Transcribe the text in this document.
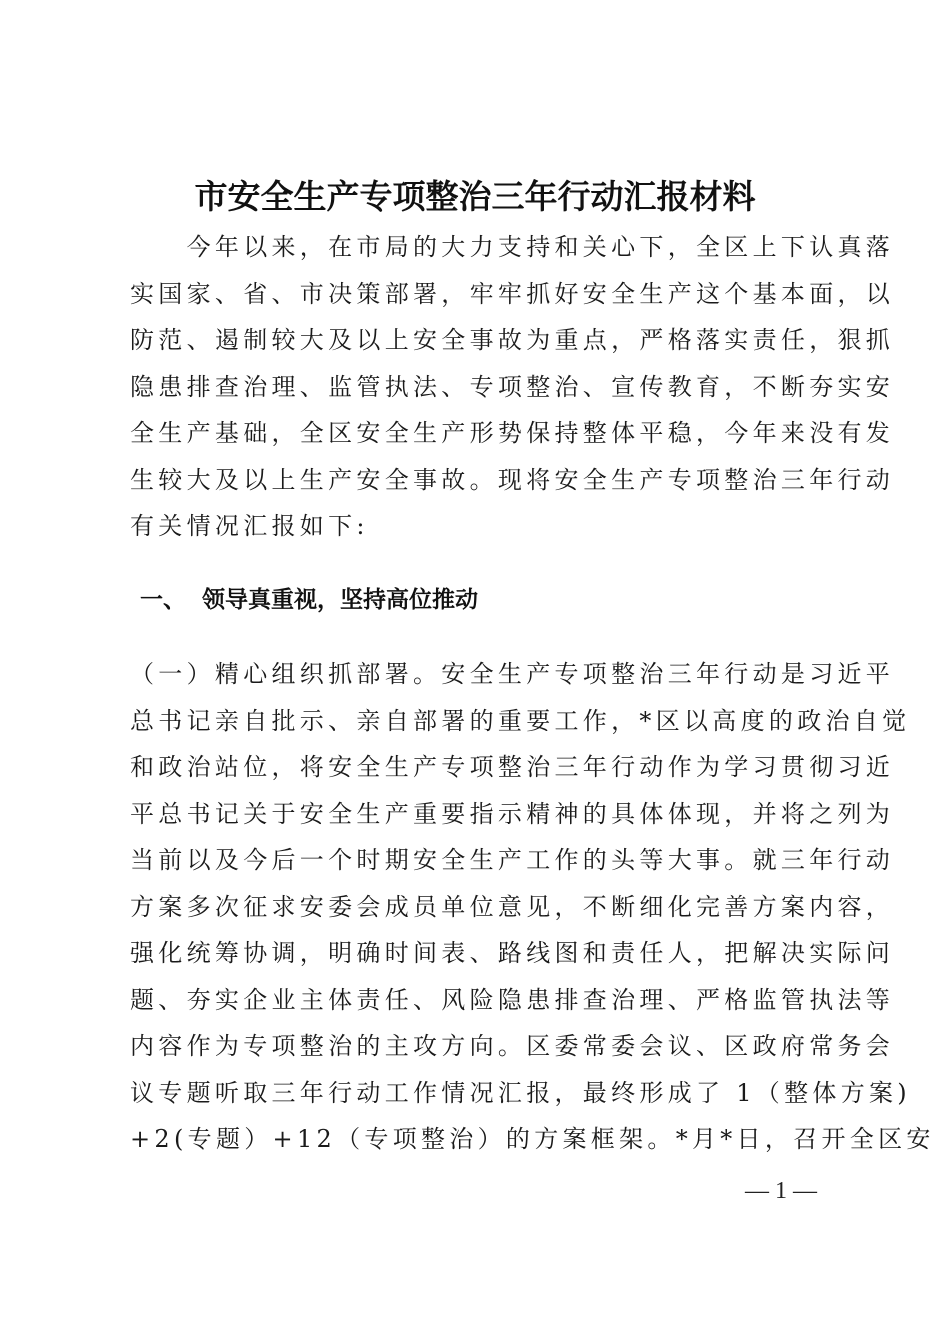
市安全生产专项整治三年行动汇报材料
　　今年以来，在市局的大力支持和关心下，全区上下认真落
实国家、省、市决策部署，牢牢抓好安全生产这个基本面，以
防范、遏制较大及以上安全事故为重点，严格落实责任，狠抓
隐患排查治理、监管执法、专项整治、宣传教育，不断夯实安
全生产基础，全区安全生产形势保持整体平稳，今年来没有发
生较大及以上生产安全事故。现将安全生产专项整治三年行动
有关情况汇报如下:
一、 领导真重视，坚持高位推动
（一）精心组织抓部署。安全生产专项整治三年行动是习近平
总书记亲自批示、亲自部署的重要工作，*区以高度的政治自觉
和政治站位，将安全生产专项整治三年行动作为学习贯彻习近
平总书记关于安全生产重要指示精神的具体体现，并将之列为
当前以及今后一个时期安全生产工作的头等大事。就三年行动
方案多次征求安委会成员单位意见，不断细化完善方案内容，
强化统筹协调，明确时间表、路线图和责任人，把解决实际问
题、夯实企业主体责任、风险隐患排查治理、严格监管执法等
内容作为专项整治的主攻方向。区委常委会议、区政府常务会
议专题听取三年行动工作情况汇报，最终形成了 1（整体方案)
+2(专题）+12（专项整治）的方案框架。*月*日，召开全区安
— 1 —
